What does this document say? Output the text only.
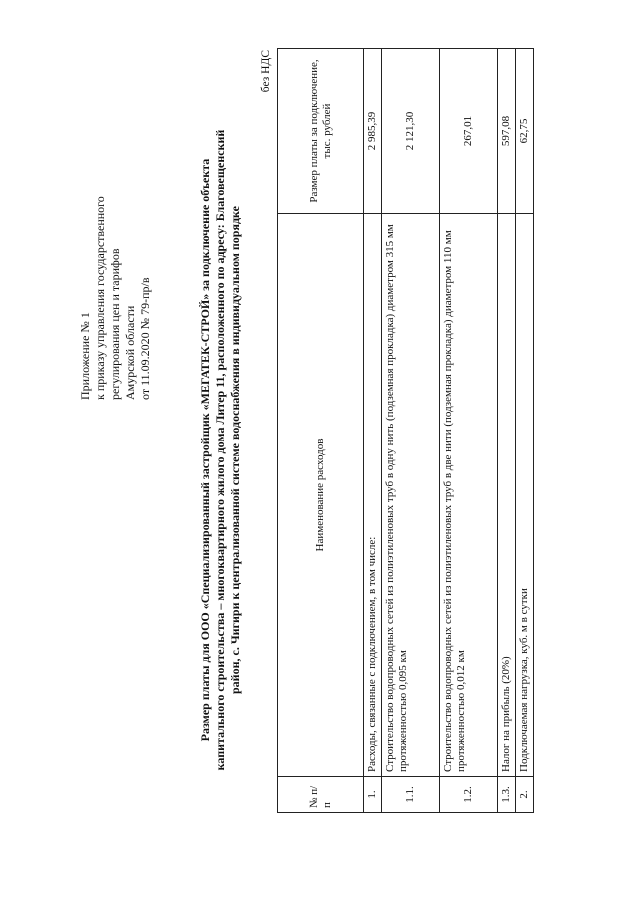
Приложение № 1 к приказу управления государственного регулирования цен и тарифов Амурской области от 11.09.2020 № 79-пр/в	Размер платы для ООО «Специализированный застройщик «МЕГАТЕК-СТРОЙ» за подключение объекта капитального строительства – многоквартирного жилого дома Литер 11, расположенного по адресу: Благовещенский район, с. Чигири к централизованной системе водоснабжения в индивидуальном порядке
без НДС
№ п/п	Наименование расходов	Размер платы за подключение, тыс. рублей
1.	Расходы, связанные с подключением, в том числе:	2 985,39
1.1.	Строительство водопроводных сетей из полиэтиленовых труб в одну нить (подземная прокладка) диаметром 315 мм протяженностью 0,095 км	2 121,30
1.2.	Строительство водопроводных сетей из полиэтиленовых труб в две нити (подземная прокладка) диаметром 110 мм протяженностью 0,012 км	267,01
1.3.	Налог на прибыль (20%)	597,08
2.	Подключаемая нагрузка, куб. м в сутки	62,75
